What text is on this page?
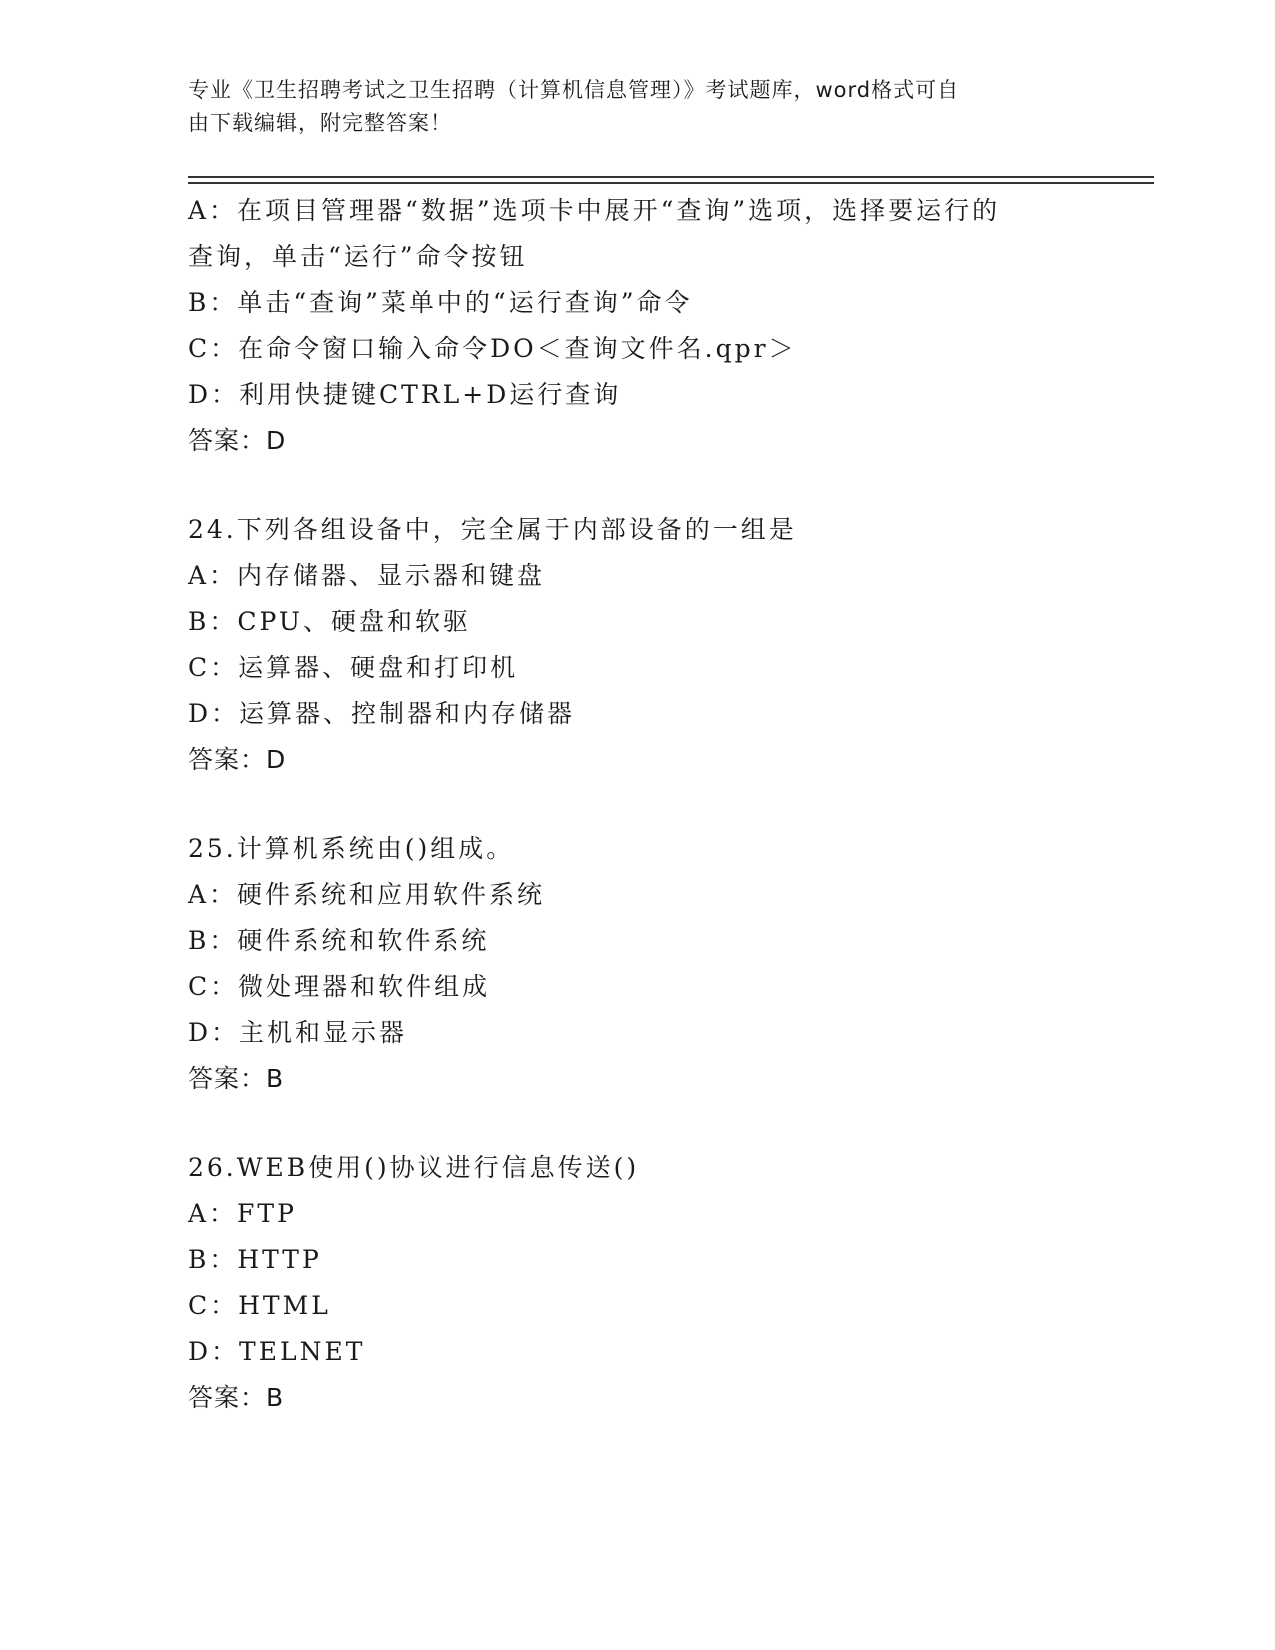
专业《卫生招聘考试之卫生招聘（计算机信息管理）》考试题库，word格式可自
由下载编辑，附完整答案！
A：在项目管理器“数据”选项卡中展开“查询”选项，选择要运行的
查询，单击“运行”命令按钮
B：单击“查询”菜单中的“运行查询”命令
C：在命令窗口输入命令DO＜查询文件名.qpr＞
D：利用快捷键CTRL+D运行查询
答案：D
24.下列各组设备中，完全属于内部设备的一组是
A：内存储器、显示器和键盘
B：CPU、硬盘和软驱
C：运算器、硬盘和打印机
D：运算器、控制器和内存储器
答案：D
25.计算机系统由()组成。
A：硬件系统和应用软件系统
B：硬件系统和软件系统
C：微处理器和软件组成
D：主机和显示器
答案：B
26.WEB使用()协议进行信息传送()
A：FTP
B：HTTP
C：HTML
D：TELNET
答案：B
